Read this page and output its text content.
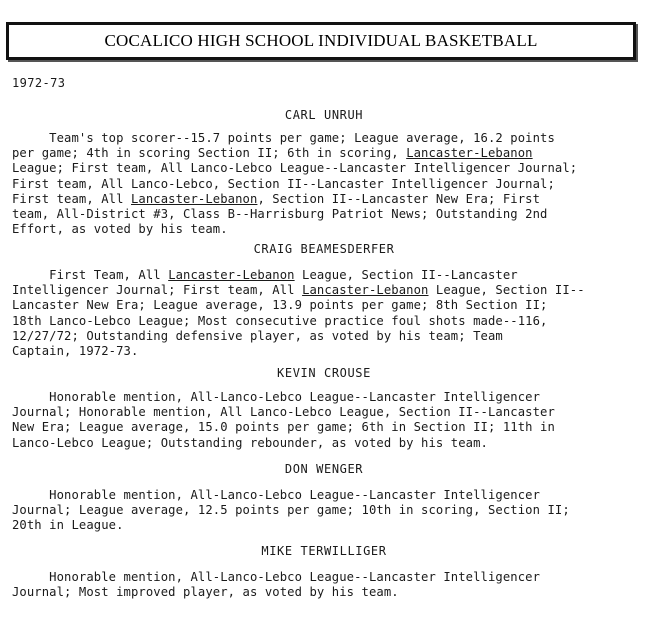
COCALICO HIGH SCHOOL INDIVIDUAL BASKETBALL
1972-73
CARL UNRUH
Team's top scorer--15.7 points per game; League average, 16.2 points
per game; 4th in scoring Section II; 6th in scoring, Lancaster-Lebanon
League; First team, All Lanco-Lebco League--Lancaster Intelligencer Journal;
First team, All Lanco-Lebco, Section II--Lancaster Intelligencer Journal;
First team, All Lancaster-Lebanon, Section II--Lancaster New Era; First
team, All-District #3, Class B--Harrisburg Patriot News; Outstanding 2nd
Effort, as voted by his team.
CRAIG BEAMESDERFER
First Team, All Lancaster-Lebanon League, Section II--Lancaster
Intelligencer Journal; First team, All Lancaster-Lebanon League, Section II--
Lancaster New Era; League average, 13.9 points per game; 8th Section II;
18th Lanco-Lebco League; Most consecutive practice foul shots made--116,
12/27/72; Outstanding defensive player, as voted by his team; Team
Captain, 1972-73.
KEVIN CROUSE
Honorable mention, All-Lanco-Lebco League--Lancaster Intelligencer
Journal; Honorable mention, All Lanco-Lebco League, Section II--Lancaster
New Era; League average, 15.0 points per game; 6th in Section II; 11th in
Lanco-Lebco League; Outstanding rebounder, as voted by his team.
DON WENGER
Honorable mention, All-Lanco-Lebco League--Lancaster Intelligencer
Journal; League average, 12.5 points per game; 10th in scoring, Section II;
20th in League.
MIKE TERWILLIGER
Honorable mention, All-Lanco-Lebco League--Lancaster Intelligencer
Journal; Most improved player, as voted by his team.
